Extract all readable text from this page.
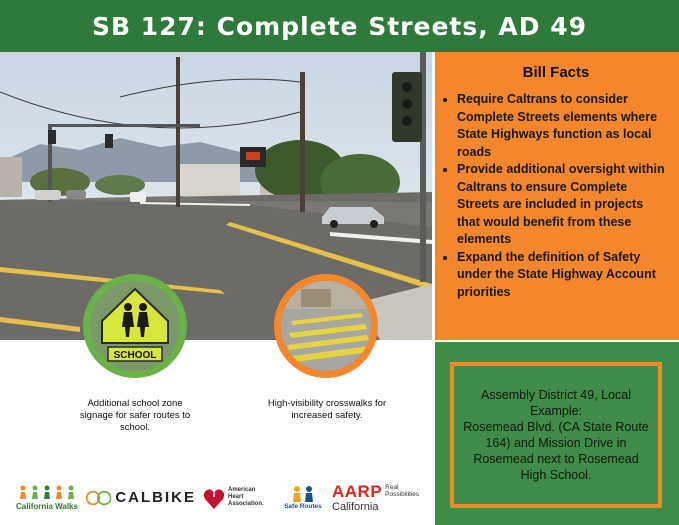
SB 127: Complete Streets, AD 49
Bill Facts
• Require Caltrans to consider Complete Streets elements where State Highways function as local roads
• Provide additional oversight within Caltrans to ensure Complete Streets are included in projects that would benefit from these elements
• Expand the definition of Safety under the State Highway Account priorities
Assembly District 49, Local Example:
Rosemead Blvd. (CA State Route 164) and Mission Drive in Rosemead next to Rosemead High School.
SCHOOL
Additional school zone signage for safer routes to school.
High-visibility crosswalks for increased safety.
California Walks
CALBIKE	American
Heart
Association.	Safe Routes
AARP Real
Possibilities
California
